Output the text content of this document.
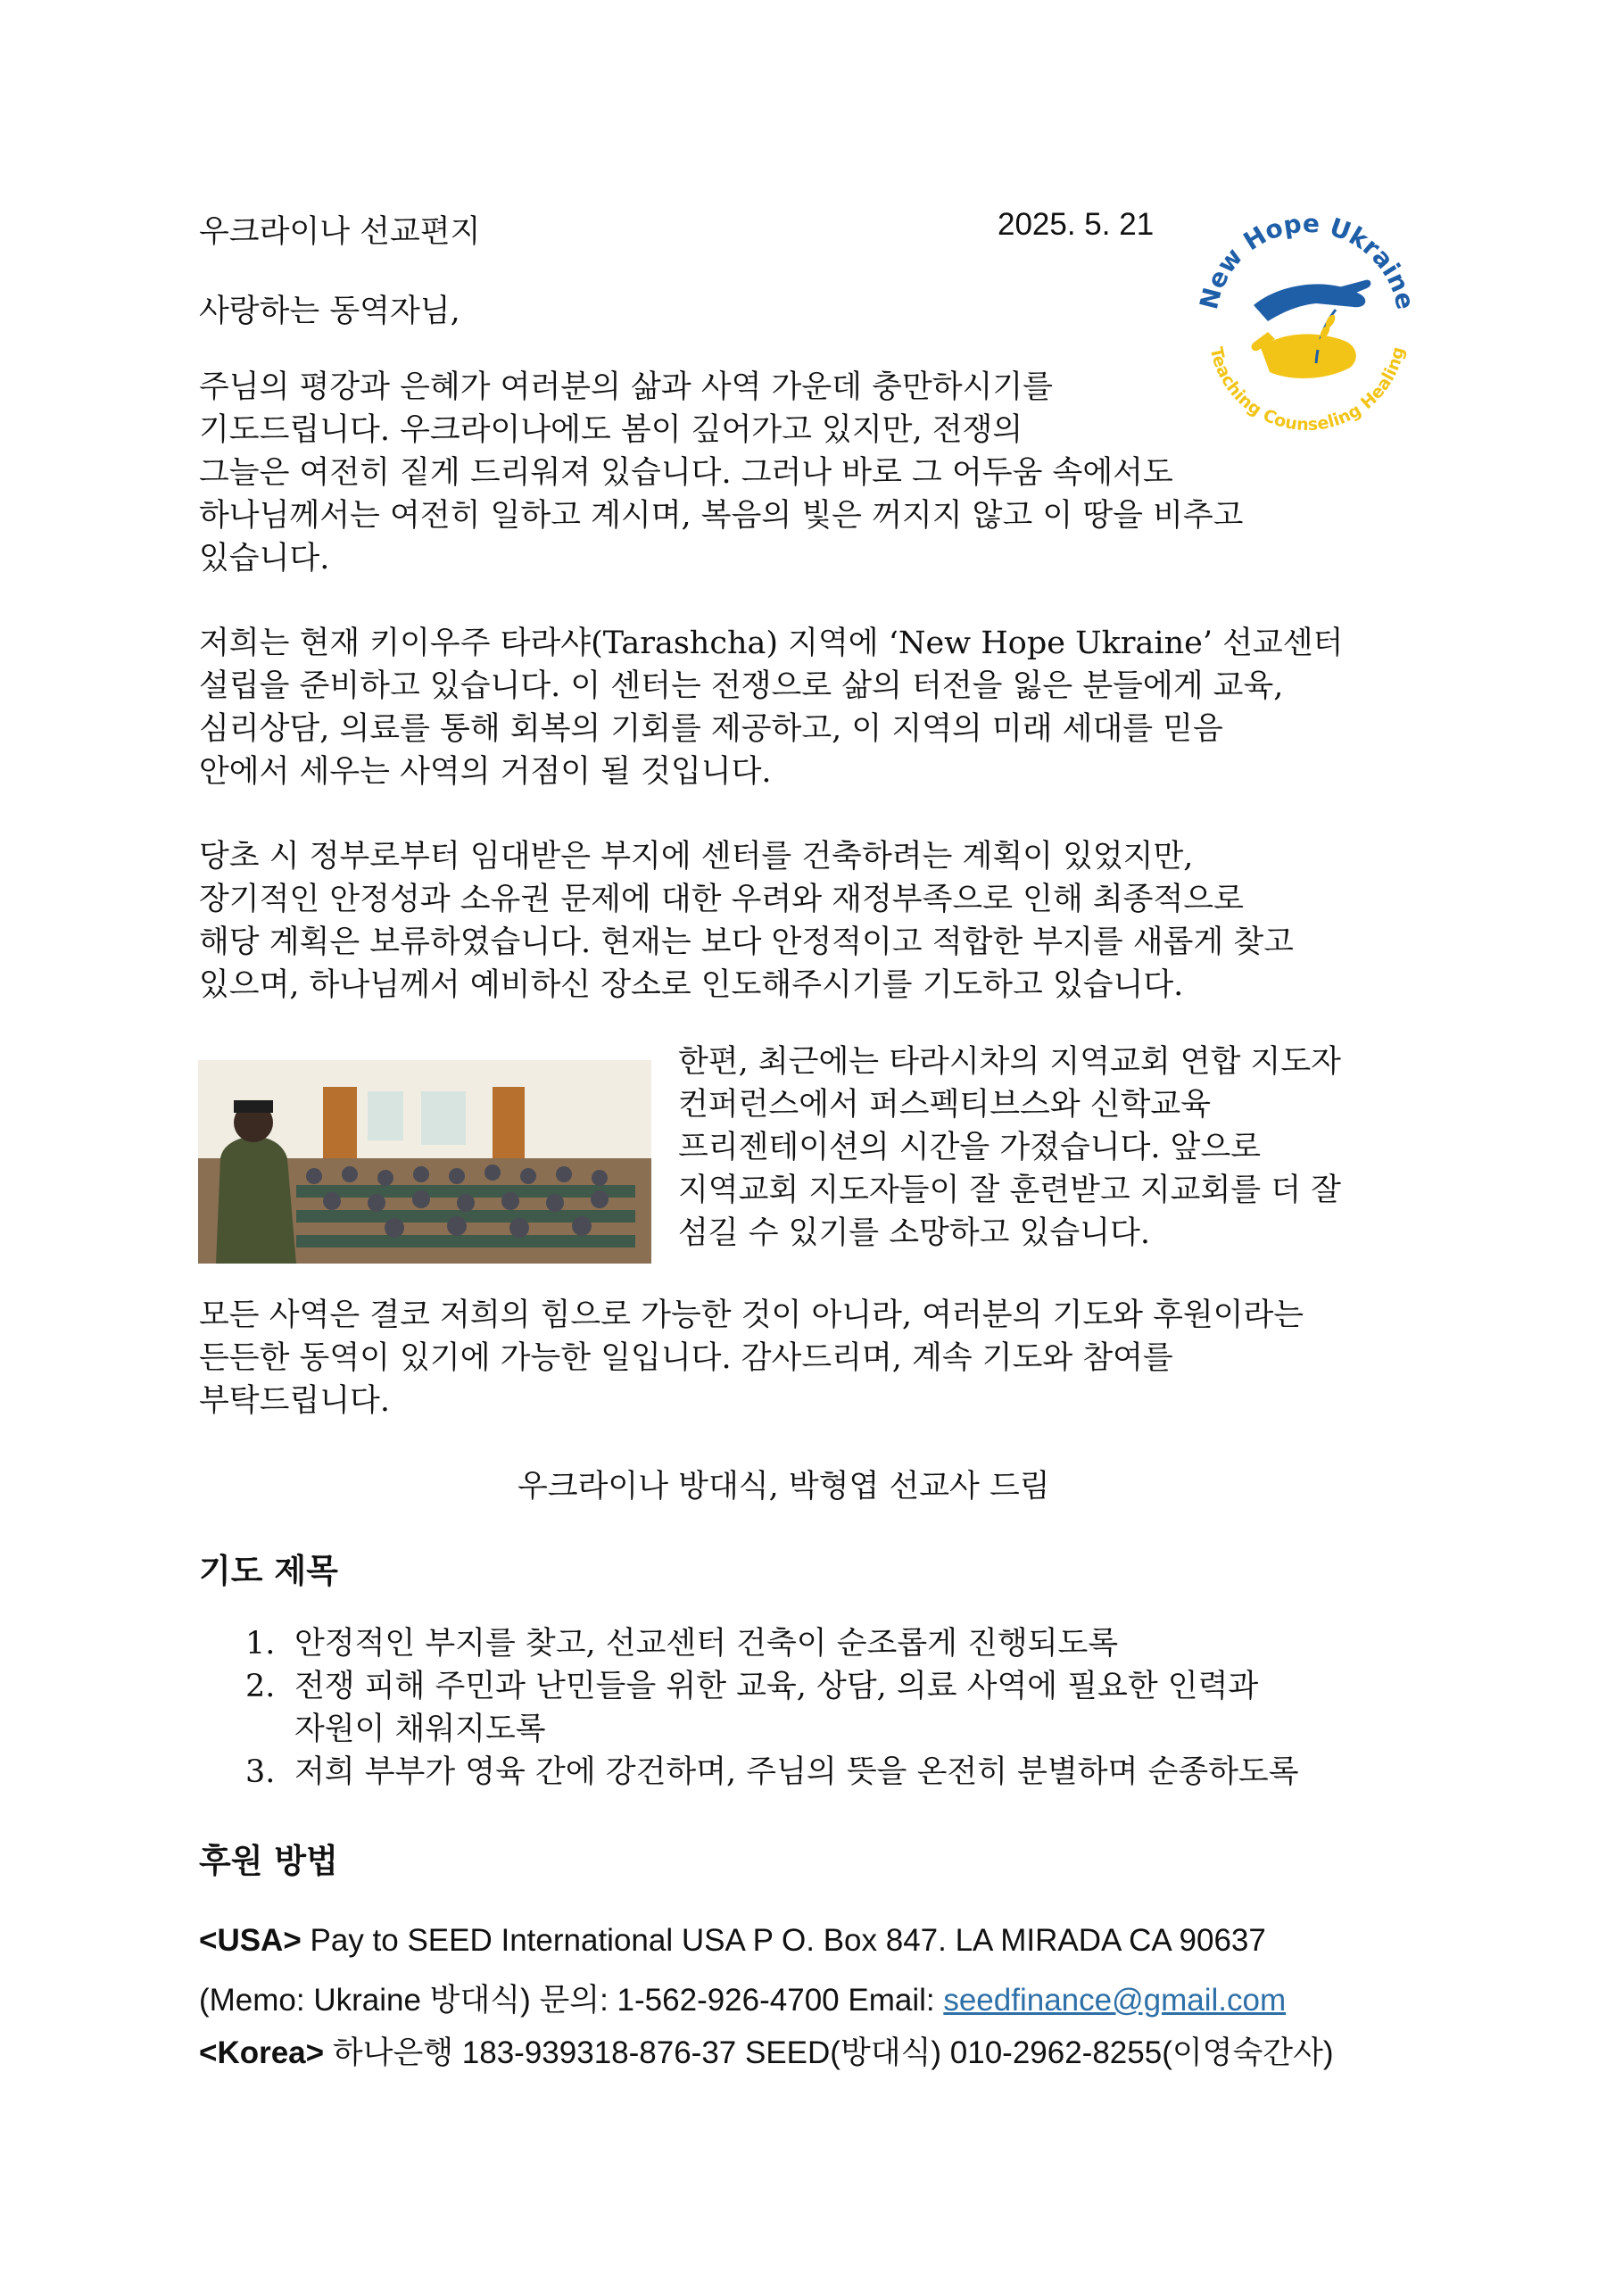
우크라이나 선교편지	2025. 5. 21
New Hope Ukraine
Teaching Counseling Healing
사랑하는 동역자님,
주님의 평강과 은혜가 여러분의 삶과 사역 가운데 충만하시기를
기도드립니다. 우크라이나에도 봄이 깊어가고 있지만, 전쟁의
그늘은 여전히 짙게 드리워져 있습니다. 그러나 바로 그 어두움 속에서도
하나님께서는 여전히 일하고 계시며, 복음의 빛은 꺼지지 않고 이 땅을 비추고
있습니다.
저희는 현재 키이우주 타라샤(Tarashcha) 지역에 ‘New Hope Ukraine’ 선교센터
설립을 준비하고 있습니다. 이 센터는 전쟁으로 삶의 터전을 잃은 분들에게 교육,
심리상담, 의료를 통해 회복의 기회를 제공하고, 이 지역의 미래 세대를 믿음
안에서 세우는 사역의 거점이 될 것입니다.
당초 시 정부로부터 임대받은 부지에 센터를 건축하려는 계획이 있었지만,
장기적인 안정성과 소유권 문제에 대한 우려와 재정부족으로 인해 최종적으로
해당 계획은 보류하였습니다. 현재는 보다 안정적이고 적합한 부지를 새롭게 찾고
있으며, 하나님께서 예비하신 장소로 인도해주시기를 기도하고 있습니다.
한편, 최근에는 타라시차의 지역교회 연합 지도자
컨퍼런스에서 퍼스펙티브스와 신학교육
프리젠테이션의 시간을 가졌습니다. 앞으로
지역교회 지도자들이 잘 훈련받고 지교회를 더 잘
섬길 수 있기를 소망하고 있습니다.
모든 사역은 결코 저희의 힘으로 가능한 것이 아니라, 여러분의 기도와 후원이라는
든든한 동역이 있기에 가능한 일입니다. 감사드리며, 계속 기도와 참여를
부탁드립니다.
우크라이나 방대식, 박형엽 선교사 드림
기도 제목
1. 안정적인 부지를 찾고, 선교센터 건축이 순조롭게 진행되도록
2. 전쟁 피해 주민과 난민들을 위한 교육, 상담, 의료 사역에 필요한 인력과
자원이 채워지도록
3. 저희 부부가 영육 간에 강건하며, 주님의 뜻을 온전히 분별하며 순종하도록
후원 방법
<USA> Pay to SEED International USA P O. Box 847. LA MIRADA CA 90637
(Memo: Ukraine 방대식) 문의: 1-562-926-4700 Email: seedfinance@gmail.com
<Korea> 하나은행 183-939318-876-37 SEED(방대식) 010-2962-8255(이영숙간사)
